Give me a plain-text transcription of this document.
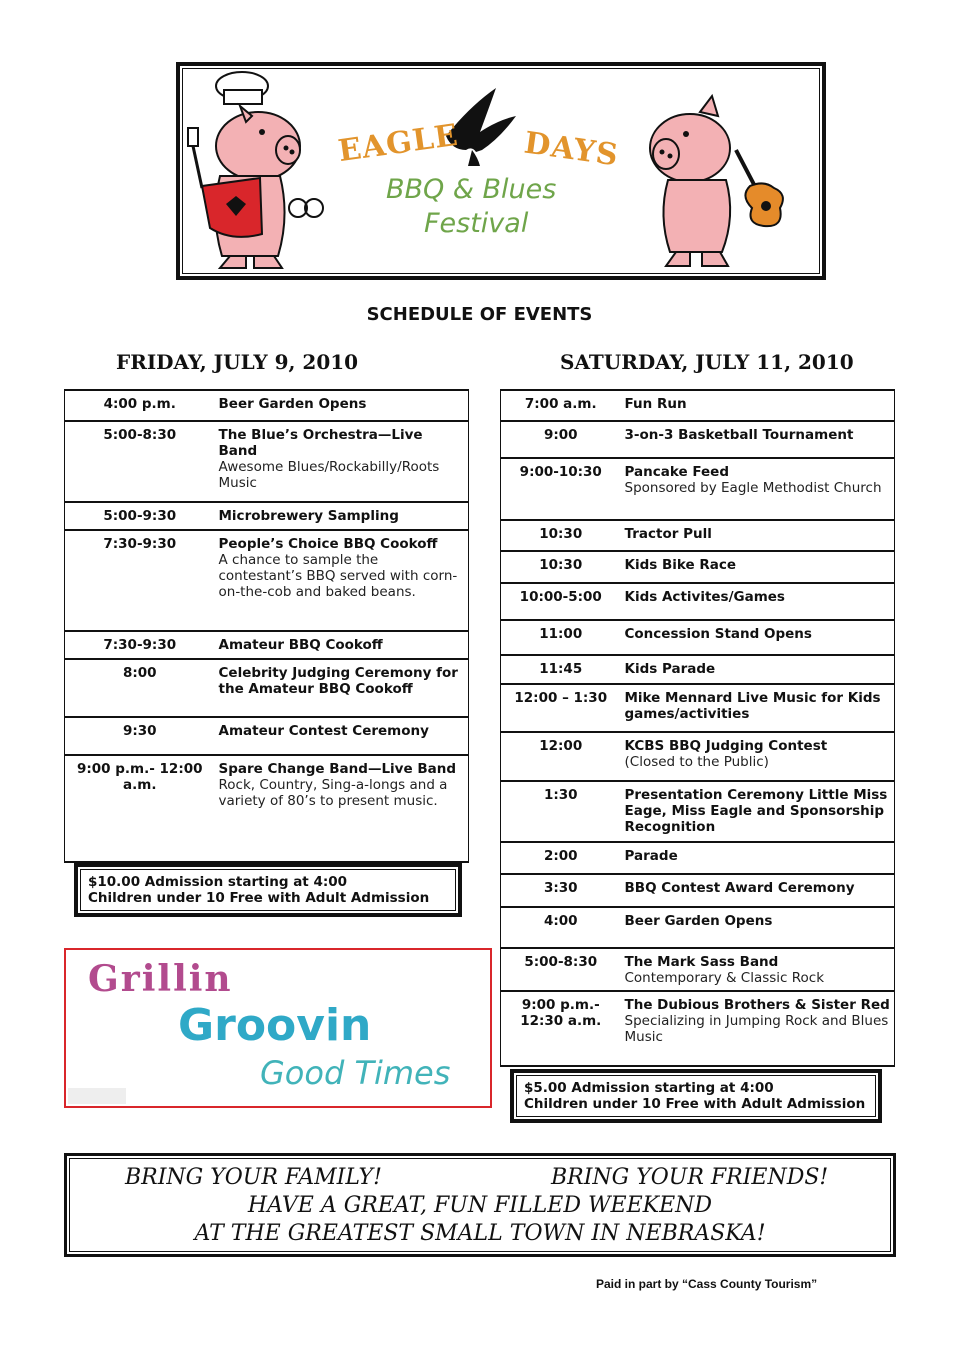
EAGLE DAYS
BBQ & Blues
Festival
SCHEDULE OF EVENTS
FRIDAY, JULY 9, 2010	SATURDAY, JULY 11, 2010
4:00 p.m.	Beer Garden Opens

5:00-8:30	The Blue’s Orchestra—Live Band
Awesome Blues/Rockabilly/Roots Music

5:00-9:30	Microbrewery Sampling

7:30-9:30	People’s Choice BBQ Cookoff
A chance to sample the contestant’s BBQ served with corn-on-the-cob and baked beans.

7:30-9:30	Amateur BBQ Cookoff

8:00	Celebrity Judging Ceremony for the Amateur BBQ Cookoff

9:30	Amateur Contest Ceremony

9:00 p.m.- 12:00 a.m.	Spare Change Band—Live Band
Rock, Country, Sing-a-longs and a variety of 80’s to present music.
$10.00 Admission starting at 4:00
Children under 10 Free with Adult Admission
Grillin
Groovin
Good Times
7:00 a.m.	Fun Run

9:00	3-on-3 Basketball Tournament

9:00-10:30	Pancake Feed
Sponsored by Eagle Methodist Church

10:30	Tractor Pull

10:30	Kids Bike Race

10:00-5:00	Kids Activites/Games

11:00	Concession Stand Opens

11:45	Kids Parade

12:00 – 1:30	Mike Mennard Live Music for Kids games/activities

12:00	KCBS BBQ Judging Contest
(Closed to the Public)

1:30	Presentation Ceremony Little Miss Eage, Miss Eagle and Sponsorship Recognition

2:00	Parade

3:30	BBQ Contest Award Ceremony

4:00	Beer Garden Opens

5:00-8:30	The Mark Sass Band
Contemporary & Classic Rock

9:00 p.m.- 12:30 a.m.	The Dubious Brothers & Sister Red
Specializing in Jumping Rock and Blues Music
$5.00 Admission starting at 4:00
Children under 10 Free with Adult Admission
BRING YOUR FAMILY!	BRING YOUR FRIENDS!
HAVE A GREAT, FUN FILLED WEEKEND
AT THE GREATEST SMALL TOWN IN NEBRASKA!
Paid in part by “Cass County Tourism”
